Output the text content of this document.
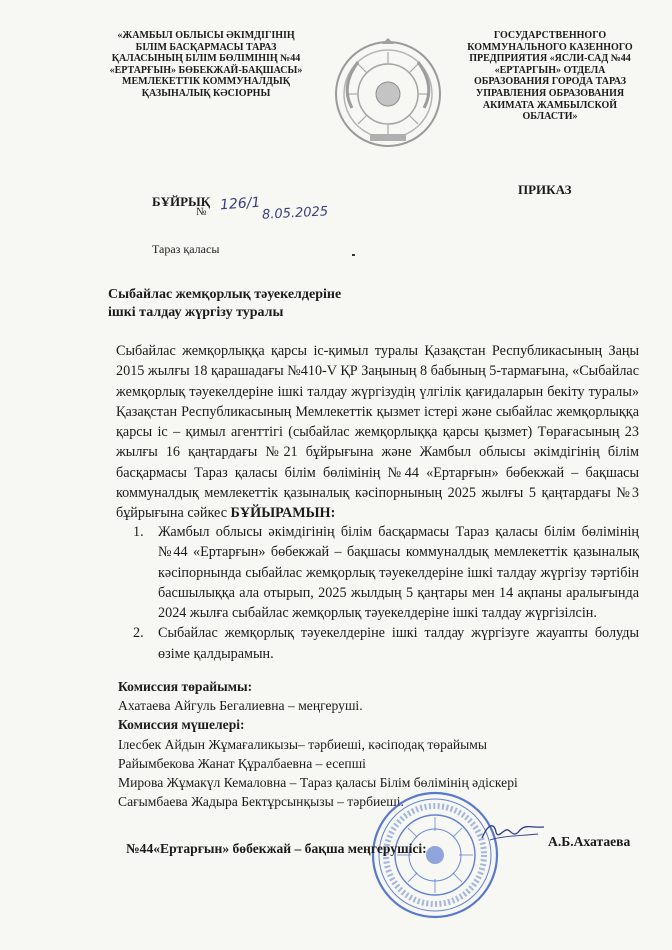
«ЖАМБЫЛ ОБЛЫСЫ ӘКІМДІГІНІҢ
БІЛІМ БАСҚАРМАСЫ ТАРАЗ
ҚАЛАСЫНЫҢ БІЛІМ БӨЛІМІНІҢ №44
«ЕРТАРҒЫН» БӨБЕКЖАЙ-БАҚШАСЫ»
МЕМЛЕКЕТТІК КОММУНАЛДЫҚ
ҚАЗЫНАЛЫҚ КӘСІОРНЫ
ГОСУДАРСТВЕННОГО
КОММУНАЛЬНОГО КАЗЕННОГО
ПРЕДПРИЯТИЯ «ЯСЛИ-САД №44
«ЕРТАРГЫН» ОТДЕЛА
ОБРАЗОВАНИЯ ГОРОДА ТАРАЗ
УПРАВЛЕНИЯ ОБРАЗОВАНИЯ
АКИМАТА ЖАМБЫЛСКОЙ
ОБЛАСТИ»
БҰЙРЫҚ
ПРИКАЗ
№ 126/1
8.05.2025
Тараз қаласы
Сыбайлас жемқорлық тәуекелдеріне
ішкі талдау жүргізу туралы
Сыбайлас жемқорлыққа қарсы іс-қимыл туралы Қазақстан Республикасының Заңы 2015 жылғы 18 қарашадағы №410-V ҚР Заңының 8 бабының 5-тармағына, «Сыбайлас жемқорлық тәуекелдеріне ішкі талдау жүргізудің үлгілік қағидаларын бекіту туралы» Қазақстан Республикасының Мемлекеттік қызмет істері және сыбайлас жемқорлыққа қарсы іс – қимыл агенттігі (сыбайлас жемқорлыққа қарсы қызмет) Төрағасының 23 жылғы 16 қаңтардағы №21 бұйрығына және Жамбыл облысы әкімдігінің білім басқармасы Тараз қаласы білім бөлімінің №44 «Ертарғын» бөбекжай – бақшасы коммуналдық мемлекеттік қазыналық кәсіпорнының 2025 жылғы 5 қаңтардағы №3 бұйрығына сәйкес БҰЙЫРАМЫН:
1. Жамбыл облысы әкімдігінің білім басқармасы Тараз қаласы білім бөлімінің №44 «Ертарғын» бөбекжай – бақшасы коммуналдық мемлекеттік қазыналық кәсіпорнында сыбайлас жемқорлық тәуекелдеріне ішкі талдау жүргізу тәртібін басшылыққа ала отырып, 2025 жылдың 5 қаңтары мен 14 ақпаны аралығында 2024 жылға сыбайлас жемқорлық тәуекелдеріне ішкі талдау жүргізілсін.
2. Сыбайлас жемқорлық тәуекелдеріне ішкі талдау жүргізуге жауапты болуды өзіме қалдырамын.
Комиссия төрайымы:
Ахатаева Айгуль Бегалиевна – меңгеруші.
Комиссия мүшелері:
Ілесбек Айдын Жұмағаликызы– тәрбиеші, кәсіподақ төрайымы
Райымбекова Жанат Құралбаевна – есепші
Мирова Жұмакүл Кемаловна – Тараз қаласы Білім бөлімінің әдіскері
Сағымбаева Жадыра Бектұрсынқызы – тәрбиеші.
№44«Ертарғын» бөбекжай – бақша меңгерушісі:	А.Б.Ахатаева
